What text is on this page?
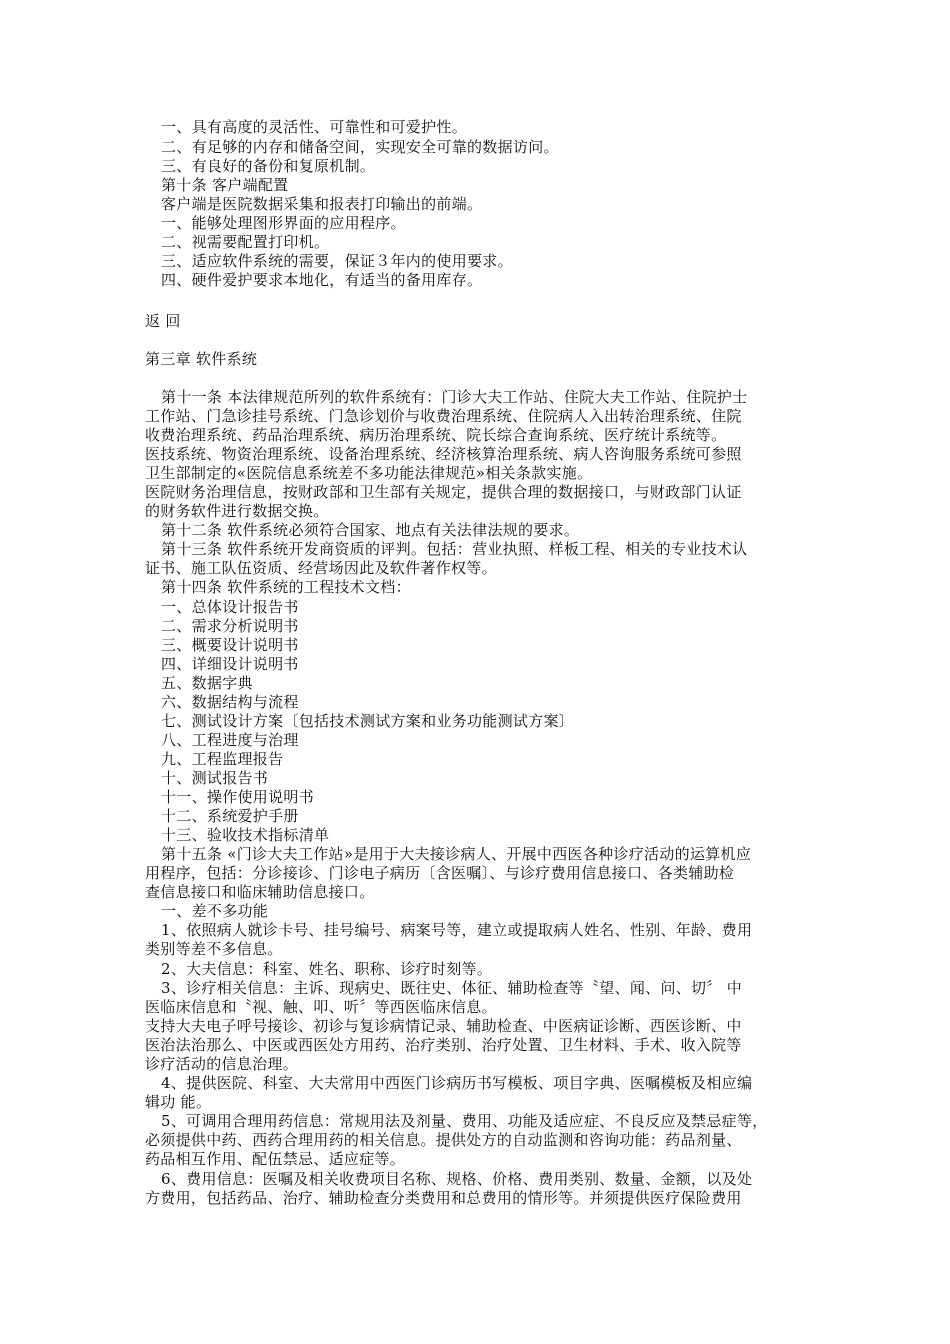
一、具有高度的灵活性、可靠性和可爱护性。
二、有足够的内存和储备空间，实现安全可靠的数据访问。
三、有良好的备份和复原机制。
第十条 客户端配置
客户端是医院数据采集和报表打印输出的前端。
一、能够处理图形界面的应用程序。
二、视需要配置打印机。
三、适应软件系统的需要，保证３年内的使用要求。
四、硬件爱护要求本地化，有适当的备用库存。
返 回
第三章 软件系统
第十一条 本法律规范所列的软件系统有：门诊大夫工作站、住院大夫工作站、住院护士
工作站、门急诊挂号系统、门急诊划价与收费治理系统、住院病人入出转治理系统、住院
收费治理系统、药品治理系统、病历治理系统、院长综合查询系统、医疗统计系统等。
医技系统、物资治理系统、设备治理系统、经济核算治理系统、病人咨询服务系统可参照
卫生部制定的«医院信息系统差不多功能法律规范»相关条款实施。
医院财务治理信息，按财政部和卫生部有关规定，提供合理的数据接口，与财政部门认证
的财务软件进行数据交换。
第十二条 软件系统必须符合国家、地点有关法律法规的要求。
第十三条 软件系统开发商资质的评判。包括：营业执照、样板工程、相关的专业技术认
证书、施工队伍资质、经营场因此及软件著作权等。
第十四条 软件系统的工程技术文档：
一、总体设计报告书
二、需求分析说明书
三、概要设计说明书
四、详细设计说明书
五、数据字典
六、数据结构与流程
七、测试设计方案〔包括技术测试方案和业务功能测试方案〕
八、工程进度与治理
九、工程监理报告
十、测试报告书
十一、操作使用说明书
十二、系统爱护手册
十三、验收技术指标清单
第十五条 «门诊大夫工作站»是用于大夫接诊病人、开展中西医各种诊疗活动的运算机应
用程序，包括：分诊接诊、门诊电子病历〔含医嘱〕、与诊疗费用信息接口、各类辅助检
查信息接口和临床辅助信息接口。
一、差不多功能
1、依照病人就诊卡号、挂号编号、病案号等，建立或提取病人姓名、性别、年龄、费用
类别等差不多信息。
2、大夫信息：科室、姓名、职称、诊疗时刻等。
3、诊疗相关信息：主诉、现病史、既往史、体征、辅助检查等〝望、闻、问、切〞 中
医临床信息和〝视、触、叩、听〞等西医临床信息。
支持大夫电子呼号接诊、初诊与复诊病情记录、辅助检查、中医病证诊断、西医诊断、中
医治法治那么、中医或西医处方用药、治疗类别、治疗处置、卫生材料、手术、收入院等
诊疗活动的信息治理。
4、提供医院、科室、大夫常用中西医门诊病历书写模板、项目字典、医嘱模板及相应编
辑功 能。
5、可调用合理用药信息：常规用法及剂量、费用、功能及适应症、不良反应及禁忌症等，
必须提供中药、西药合理用药的相关信息。提供处方的自动监测和咨询功能：药品剂量、
药品相互作用、配伍禁忌、适应症等。
6、费用信息：医嘱及相关收费项目名称、规格、价格、费用类别、数量、金额，以及处
方费用，包括药品、治疗、辅助检查分类费用和总费用的情形等。并须提供医疗保险费用
